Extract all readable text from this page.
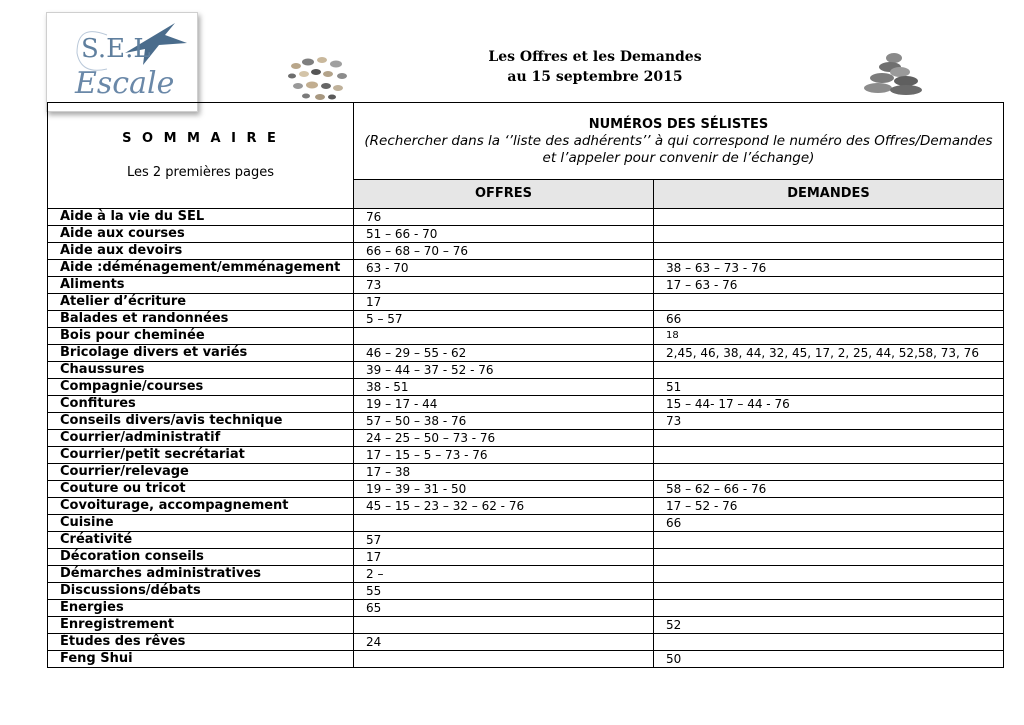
S.E.L
Escale
Les Offres et les Demandes
au 15 septembre 2015
S O M M A I R E
Les 2 premières pages	NUMÉROS DES SÉLISTES
(Rechercher dans la ‘’liste des adhérents’’ à qui correspond le numéro des Offres/Demandes et l’appeler pour convenir de l’échange)	

	OFFRES	DEMANDES
Aide à la vie du SEL	76	
Aide aux courses	51 – 66 - 70	
Aide aux devoirs	66 – 68 – 70 – 76	
Aide :déménagement/emménagement	63 - 70	38 – 63 – 73 - 76
Aliments	73	17 – 63 - 76
Atelier d’écriture	17	
Balades et randonnées	5 – 57	66
Bois pour cheminée		18
Bricolage divers et variés	46 – 29 – 55 - 62	2,45, 46, 38, 44, 32, 45, 17, 2, 25, 44, 52,58, 73, 76
Chaussures	39 – 44 – 37 - 52 - 76	
Compagnie/courses	38 - 51	51
Confitures	19 – 17 - 44	15 – 44- 17 – 44 - 76
Conseils divers/avis technique	57 – 50 – 38 - 76	73
Courrier/administratif	24 – 25 – 50 – 73 - 76	
Courrier/petit secrétariat	17 – 15 – 5 – 73 - 76	
Courrier/relevage	17 – 38	
Couture ou tricot	19 – 39 – 31 - 50	58 – 62 – 66 - 76
Covoiturage, accompagnement	45 – 15 – 23 – 32 – 62 - 76	17 – 52 - 76
Cuisine		66
Créativité	57	
Décoration conseils	17	
Démarches administratives	2 –	
Discussions/débats	55	
Energies	65	
Enregistrement		52
Études des rêves	24	
Feng Shui		50
